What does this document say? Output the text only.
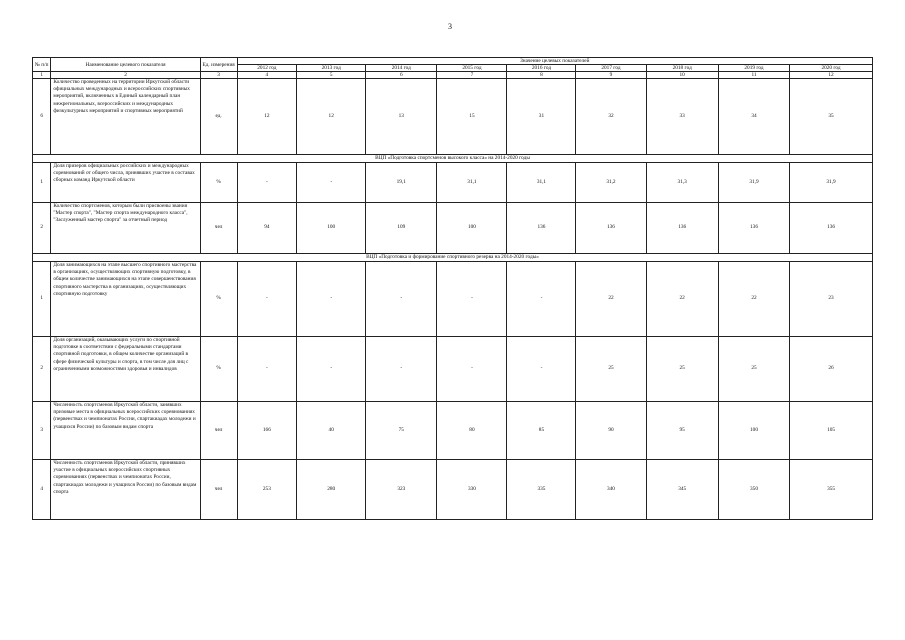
3
№ п/п	Наименование целевого показателя	Ед. измерения	Значение целевых показателей								
			2012 год	2013 год	2014 год	2015 год	2016 год	2017 год	2018 год	2019 год	2020 год
1	2	3	4	5	6	7	8	9	10	11	12
6	Количество проведенных на территории Иркутской области официальных международных и всероссийских спортивных мероприятий, включенных в Единый календарный план межрегиональных, всероссийских и международных физкультурных мероприятий и спортивных мероприятий	ед.	12	12	13	15	31	32	33	34	35
ВЦП «Подготовка спортсменов высокого класса» на 2014-2020 годы											
1	Доля призеров официальных российских и международных соревнований от общего числа, принявших участие в составах сборных команд Иркутской области	%	-	-	19,1	31,1	31,1	31,2	31,3	31,9	31,9
2	Количество спортсменов, которым были присвоены звания "Мастер спорта", "Мастер спорта международного класса", "Заслуженный мастер спорта" за отчетный период	чел	94	100	109	100	136	136	136	136	136
ВЦП «Подготовка и формирование спортивного резерва на 2014-2020 годы»											
1	Доля занимающихся на этапе высшего спортивного мастерства в организациях, осуществляющих спортивную подготовку, в общем количестве занимающихся на этапе совершенствования спортивного мастерства в организациях, осуществляющих спортивную подготовку	%	-	-	-	-	-	22	22	22	23
2	Доля организаций, оказывающих услуги по спортивной подготовке в соответствии с федеральными стандартами спортивной подготовки, в общем количестве организаций в сфере физической культуры и спорта, в том числе для лиц с ограниченными возможностями здоровья и инвалидов	%	-	-	-	-	-	25	25	25	26
3	Численность спортсменов Иркутской области, занявших призовые места в официальных всероссийских соревнованиях (первенствах и чемпионатах России, спартакиадах молодежи и учащихся России) по базовым видам спорта	чел	166	40	75	80	85	90	95	100	105
4	Численность спортсменов Иркутской области, принявших участие в официальных всероссийских спортивных соревнованиях (первенствах и чемпионатах России, спартакиадах молодежи и учащихся России) по базовым видам спорта	чел	253	280	323	330	335	340	345	350	355
